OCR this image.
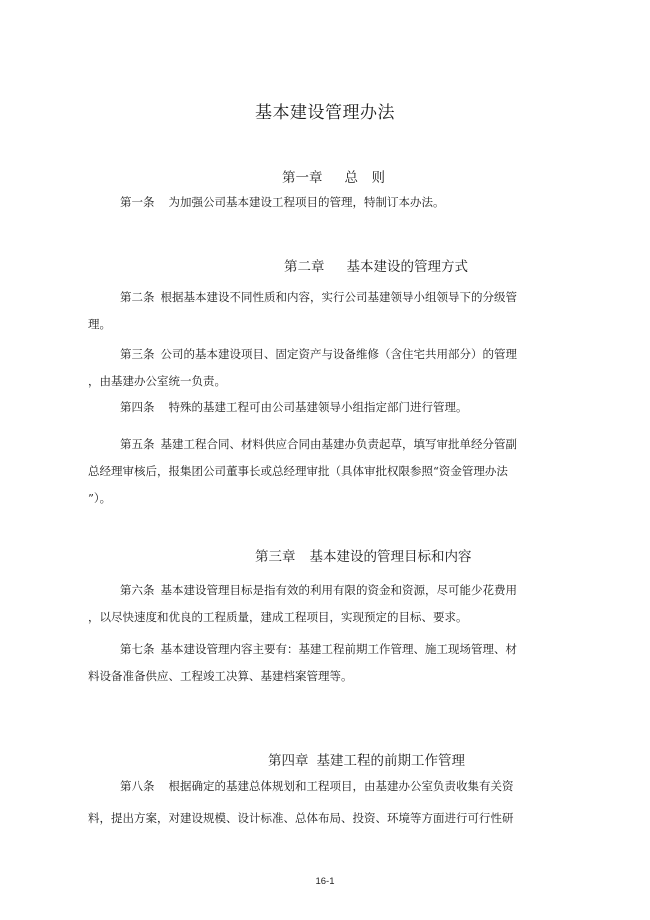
基本建设管理办法
第一章 总　则
第一条 为加强公司基本建设工程项目的管理，特制订本办法。
第二章 基本建设的管理方式
第二条 根据基本建设不同性质和内容，实行公司基建领导小组领导下的分级管
理。
第三条 公司的基本建设项目、固定资产与设备维修（含住宅共用部分）的管理
，由基建办公室统一负责。
第四条 特殊的基建工程可由公司基建领导小组指定部门进行管理。
第五条 基建工程合同、材料供应合同由基建办负责起草，填写审批单经分管副
总经理审核后，报集团公司董事长或总经理审批（具体审批权限参照“资金管理办法
”）。
第三章 基本建设的管理目标和内容
第六条 基本建设管理目标是指有效的利用有限的资金和资源，尽可能少花费用
，以尽快速度和优良的工程质量，建成工程项目，实现预定的目标、要求。
第七条 基本建设管理内容主要有：基建工程前期工作管理、施工现场管理、材
料设备准备供应、工程竣工决算、基建档案管理等。
第四章 基建工程的前期工作管理
第八条 根据确定的基建总体规划和工程项目，由基建办公室负责收集有关资
料，提出方案，对建设规模、设计标准、总体布局、投资、环境等方面进行可行性研
16-1
